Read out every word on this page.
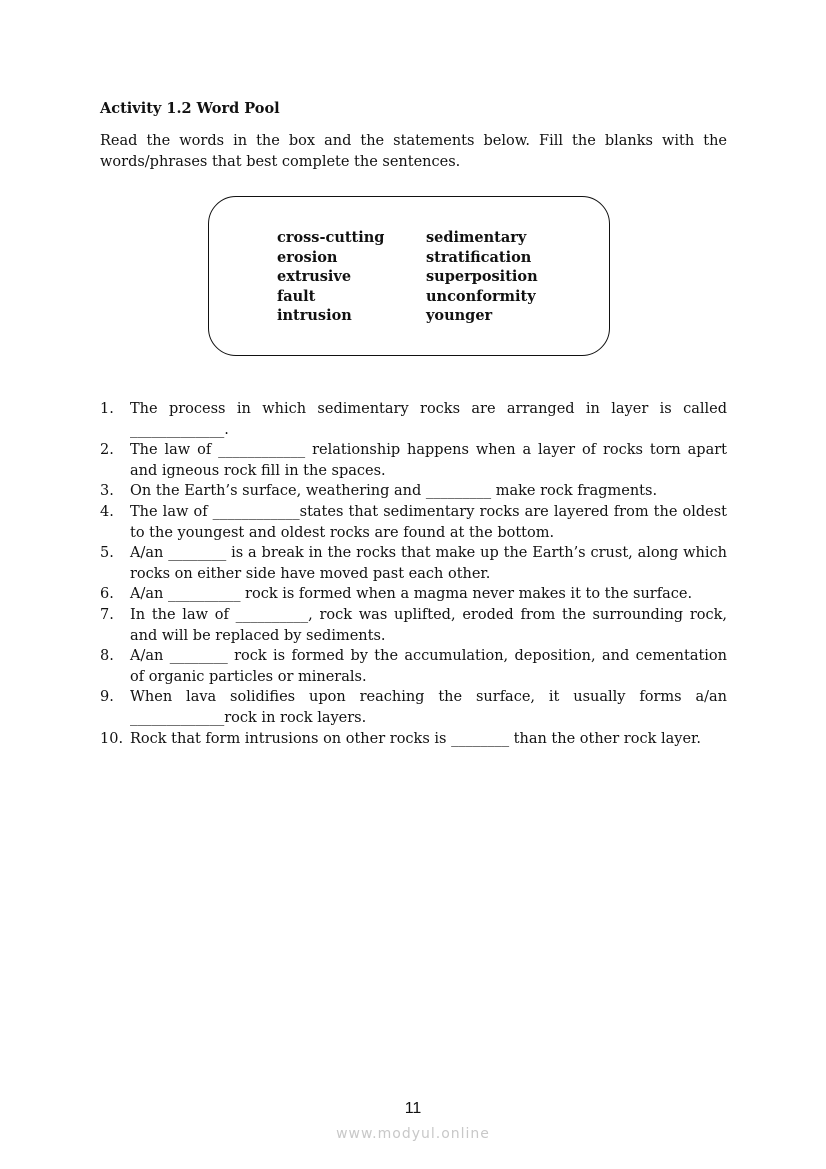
Activity 1.2 Word Pool
Read the words in the box and the statements below. Fill the blanks with the words/phrases that best complete the sentences.
cross-cutting
erosion
extrusive
fault
intrusion
sedimentary
stratification
superposition
unconformity
younger
1. The process in which sedimentary rocks are arranged in layer is called _____________.
2. The law of ____________ relationship happens when a layer of rocks torn apart and igneous rock fill in the spaces.
3. On the Earth’s surface, weathering and _________ make rock fragments.
4. The law of ____________states that sedimentary rocks are layered from the oldest to the youngest and oldest rocks are found at the bottom.
5. A/an ________ is a break in the rocks that make up the Earth’s crust, along which rocks on either side have moved past each other.
6. A/an __________ rock is formed when a magma never makes it to the surface.
7. In the law of __________, rock was uplifted, eroded from the surrounding rock, and will be replaced by sediments.
8. A/an ________ rock is formed by the accumulation, deposition, and cementation of organic particles or minerals.
9. When lava solidifies upon reaching the surface, it usually forms a/an _____________rock in rock layers.
10. Rock that form intrusions on other rocks is ________ than the other rock layer.
11
www.modyul.online
